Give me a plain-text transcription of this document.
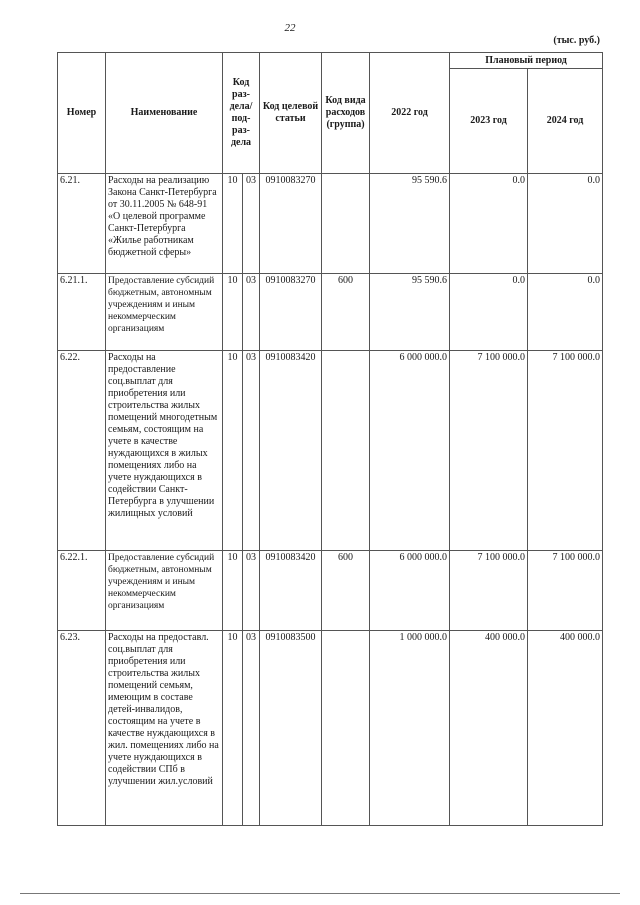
22
(тыс. руб.)
Номер	Наименование	Код раз-дела/ под-раз-дела		Код целевой статьи	Код вида расходов (группа)	2022 год	Плановый период	
							2023 год	2024 год
6.21.	Расходы на реализацию Закона Санкт-Петербурга от 30.11.2005 № 648-91 «О целевой программе Санкт-Петербурга «Жилье работникам бюджетной сферы»	10	03	0910083270		95 590.6	0.0	0.0
6.21.1.	Предоставление субсидий бюджетным, автономным учреждениям и иным некоммерческим организациям	10	03	0910083270	600	95 590.6	0.0	0.0
6.22.	Расходы на предоставление соц.выплат для приобретения или строительства жилых помещений многодетным семьям, состоящим на учете в качестве нуждающихся в жилых помещениях либо на учете нуждающихся в содействии Санкт-Петербурга в улучшении жилищных условий	10	03	0910083420		6 000 000.0	7 100 000.0	7 100 000.0
6.22.1.	Предоставление субсидий бюджетным, автономным учреждениям и иным некоммерческим организациям	10	03	0910083420	600	6 000 000.0	7 100 000.0	7 100 000.0
6.23.	Расходы на предоставл. соц.выплат для приобретения или строительства жилых помещений семьям, имеющим в составе детей-инвалидов, состоящим на учете в качестве нуждающихся в жил. помещениях либо на учете нуждающихся в содействии СПб в улучшении жил.условий	10	03	0910083500		1 000 000.0	400 000.0	400 000.0
